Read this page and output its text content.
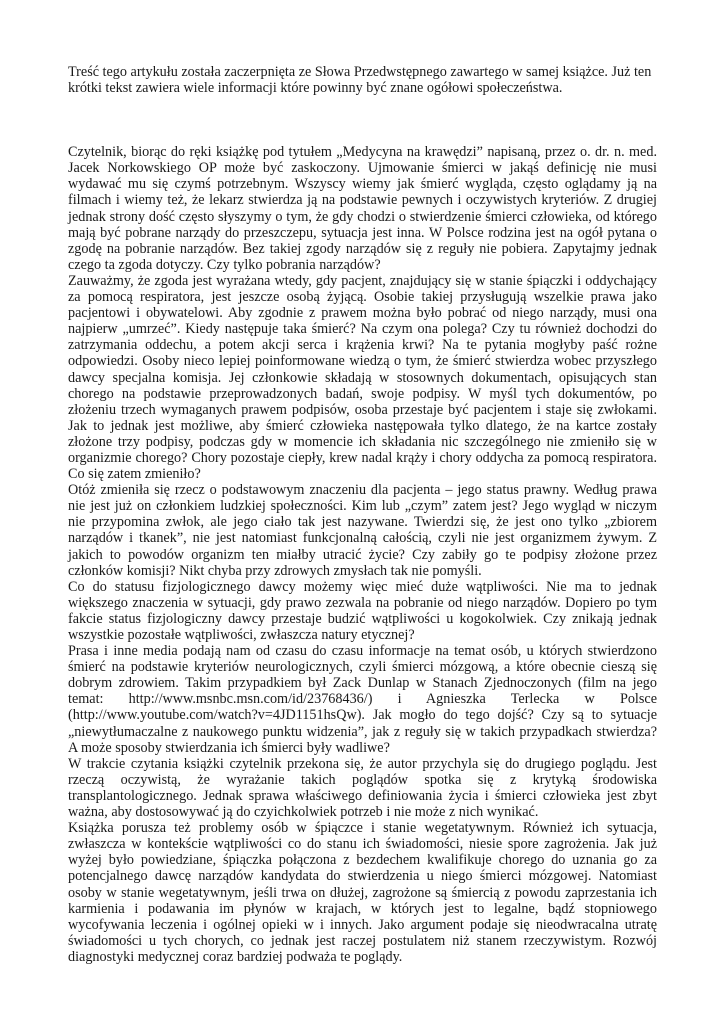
Treść tego artykułu została zaczerpnięta ze Słowa Przedwstępnego zawartego w samej książce. Już ten krótki tekst zawiera wiele informacji które powinny być znane ogółowi społeczeństwa.

Czytelnik, biorąc do ręki książkę pod tytułem „Medycyna na krawędzi” napisaną, przez o. dr. n. med. Jacek Norkowskiego OP może być zaskoczony. Ujmowanie śmierci w jakąś definicję nie musi wydawać mu się czymś potrzebnym. Wszyscy wiemy jak śmierć wygląda, często oglądamy ją na filmach i wiemy też, że lekarz stwierdza ją na podstawie pewnych i oczywistych kryteriów. Z drugiej jednak strony dość często słyszymy o tym, że gdy chodzi o stwierdzenie śmierci człowieka, od którego mają być pobrane narządy do przeszczepu, sytuacja jest inna. W Polsce rodzina jest na ogół pytana o zgodę na pobranie narządów. Bez takiej zgody narządów się z reguły nie pobiera. Zapytajmy jednak czego ta zgoda dotyczy. Czy tylko pobrania narządów?

Zauważmy, że zgoda jest wyrażana wtedy, gdy pacjent, znajdujący się w stanie śpiączki i oddychający za pomocą respiratora, jest jeszcze osobą żyjącą. Osobie takiej przysługują wszelkie prawa jako pacjentowi i obywatelowi. Aby zgodnie z prawem można było pobrać od niego narządy, musi ona najpierw „umrzeć”. Kiedy następuje taka śmierć? Na czym ona polega? Czy tu również dochodzi do zatrzymania oddechu, a potem akcji serca i krążenia krwi? Na te pytania mogłyby paść rożne odpowiedzi. Osoby nieco lepiej poinformowane wiedzą o tym, że śmierć stwierdza wobec przyszłego dawcy specjalna komisja. Jej członkowie składają w stosownych dokumentach, opisujących stan chorego na podstawie przeprowadzonych badań, swoje podpisy. W myśl tych dokumentów, po złożeniu trzech wymaganych prawem podpisów, osoba przestaje być pacjentem i staje się zwłokami. Jak to jednak jest możliwe, aby śmierć człowieka następowała tylko dlatego, że na kartce zostały złożone trzy podpisy, podczas gdy w momencie ich składania nic szczególnego nie zmieniło się w organizmie chorego? Chory pozostaje ciepły, krew nadal krąży i chory oddycha za pomocą respiratora. Co się zatem zmieniło?

Otóż zmieniła się rzecz o podstawowym znaczeniu dla pacjenta – jego status prawny. Według prawa nie jest już on członkiem ludzkiej społeczności. Kim lub „czym” zatem jest? Jego wygląd w niczym nie przypomina zwłok, ale jego ciało tak jest nazywane. Twierdzi się, że jest ono tylko „zbiorem narządów i tkanek”, nie jest natomiast funkcjonalną całością, czyli nie jest organizmem żywym. Z jakich to powodów organizm ten miałby utracić życie? Czy zabiły go te podpisy złożone przez członków komisji? Nikt chyba przy zdrowych zmysłach tak nie pomyśli.

Co do statusu fizjologicznego dawcy możemy więc mieć duże wątpliwości. Nie ma to jednak większego znaczenia w sytuacji, gdy prawo zezwala na pobranie od niego narządów. Dopiero po tym fakcie status fizjologiczny dawcy przestaje budzić wątpliwości u kogokolwiek. Czy znikają jednak wszystkie pozostałe wątpliwości, zwłaszcza natury etycznej?

Prasa i inne media podają nam od czasu do czasu informacje na temat osób, u których stwierdzono śmierć na podstawie kryteriów neurologicznych, czyli śmierci mózgową, a które obecnie cieszą się dobrym zdrowiem. Takim przypadkiem był Zack Dunlap w Stanach Zjednoczonych (film na jego temat: http://www.msnbc.msn.com/id/23768436/) i Agnieszka Terlecka w Polsce (http://www.youtube.com/watch?v=4JD1151hsQw). Jak mogło do tego dojść? Czy są to sytuacje „niewytłumaczalne z naukowego punktu widzenia”, jak z reguły się w takich przypadkach stwierdza? A może sposoby stwierdzania ich śmierci były wadliwe?

W trakcie czytania książki czytelnik przekona się, że autor przychyla się do drugiego poglądu. Jest rzeczą oczywistą, że wyrażanie takich poglądów spotka się z krytyką środowiska transplantologicznego. Jednak sprawa właściwego definiowania życia i śmierci człowieka jest zbyt ważna, aby dostosowywać ją do czyichkolwiek potrzeb i nie może z nich wynikać.

Książka porusza też problemy osób w śpiączce i stanie wegetatywnym. Również ich sytuacja, zwłaszcza w kontekście wątpliwości co do stanu ich świadomości, niesie spore zagrożenia. Jak już wyżej było powiedziane, śpiączka połączona z bezdechem kwalifikuje chorego do uznania go za potencjalnego dawcę narządów kandydata do stwierdzenia u niego śmierci mózgowej. Natomiast osoby w stanie wegetatywnym, jeśli trwa on dłużej, zagrożone są śmiercią z powodu zaprzestania ich karmienia i podawania im płynów w krajach, w których jest to legalne, bądź stopniowego wycofywania leczenia i ogólnej opieki w i innych. Jako argument podaje się nieodwracalna utratę świadomości u tych chorych, co jednak jest raczej postulatem niż stanem rzeczywistym. Rozwój diagnostyki medycznej coraz bardziej podważa te poglądy.
